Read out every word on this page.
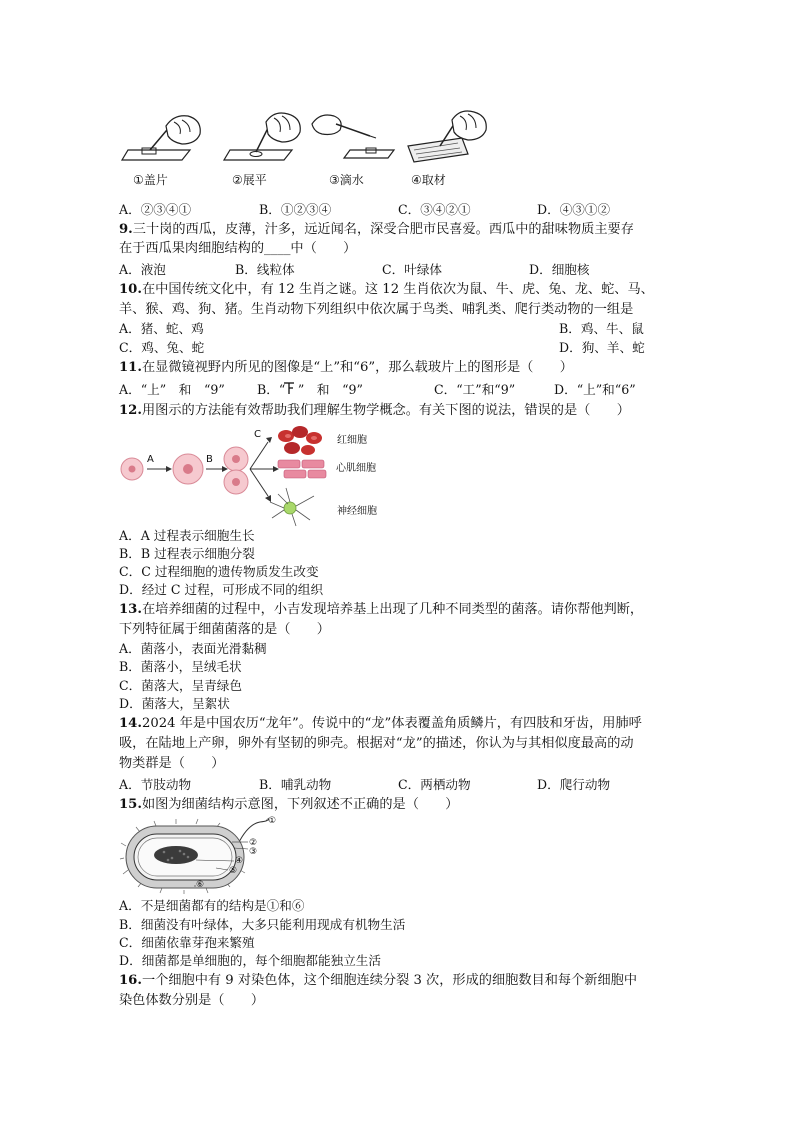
①盖片	②展平	③滴水	④取材
A．②③④①	B．①②③④	C．③④②①	D．④③①②
9.三十岗的西瓜，皮薄，汁多，远近闻名，深受合肥市民喜爱。西瓜中的甜味物质主要存
在于西瓜果肉细胞结构的____中（　　）
A．液泡	B．线粒体	C．叶绿体	D．细胞核
10.在中国传统文化中，有 12 生肖之谜。这 12 生肖依次为鼠、牛、虎、兔、龙、蛇、马、
羊、猴、鸡、狗、猪。生肖动物下列组织中依次属于鸟类、哺乳类、爬行类动物的一组是
A．猪、蛇、鸡	B．鸡、牛、鼠
C．鸡、兔、蛇	D．狗、羊、蛇
11.在显微镜视野内所见的图像是“上”和“6”，那么载玻片上的图形是（　　）
A．“上”　和　“9”	B．“　”　和　“9”	C．“工”和“9”	D．“上”和“6”
12.用图示的方法能有效帮助我们理解生物学概念。有关下图的说法，错误的是（　　）
C
A	B
红细胞
心肌细胞
神经细胞
A．A 过程表示细胞生长
B．B 过程表示细胞分裂
C．C 过程细胞的遗传物质发生改变
D．经过 C 过程，可形成不同的组织
13.在培养细菌的过程中，小吉发现培养基上出现了几种不同类型的菌落。请你帮他判断，
下列特征属于细菌菌落的是（　　）
A．菌落小，表面光滑黏稠
B．菌落小，呈绒毛状
C．菌落大，呈青绿色
D．菌落大，呈絮状
14.2024 年是中国农历“龙年”。传说中的“龙”体表覆盖角质鳞片，有四肢和牙齿，用肺呼
吸，在陆地上产卵，卵外有坚韧的卵壳。根据对“龙”的描述，你认为与其相似度最高的动
物类群是（　　）
A．节肢动物	B．哺乳动物	C．两栖动物	D．爬行动物
15.如图为细菌结构示意图，下列叙述不正确的是（　　）
①
②
③
④
⑤
⑥
A．不是细菌都有的结构是①和⑥
B．细菌没有叶绿体，大多只能利用现成有机物生活
C．细菌依靠芽孢来繁殖
D．细菌都是单细胞的，每个细胞都能独立生活
16.一个细胞中有 9 对染色体，这个细胞连续分裂 3 次，形成的细胞数目和每个新细胞中
染色体数分别是（　　）
